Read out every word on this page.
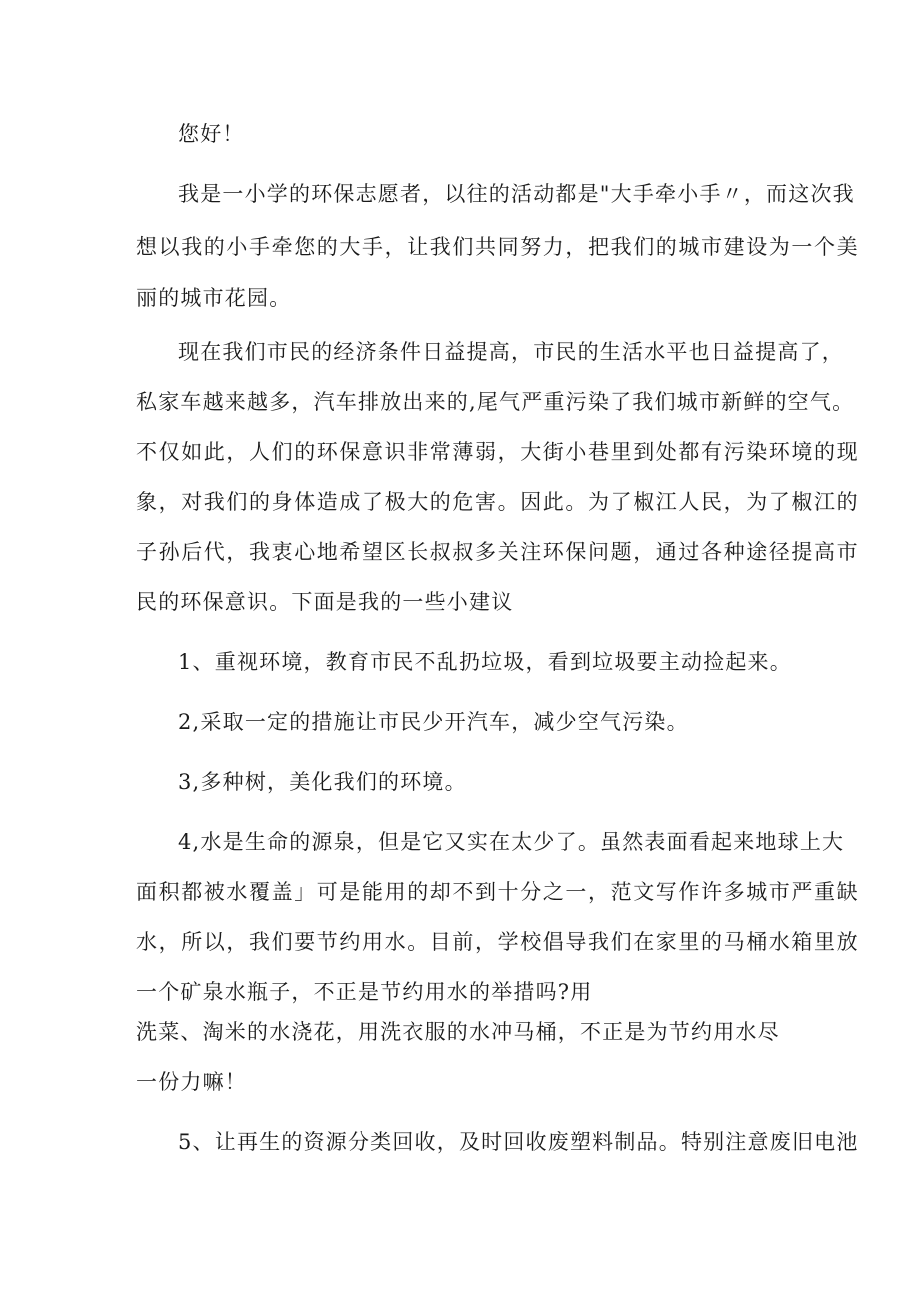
您好！
我是一小学的环保志愿者，以往的活动都是"大手牵小手〃，而这次我
想以我的小手牵您的大手，让我们共同努力，把我们的城市建设为一个美
丽的城市花园。
现在我们市民的经济条件日益提高，市民的生活水平也日益提高了，
私家车越来越多，汽车排放出来的,尾气严重污染了我们城市新鲜的空气。
不仅如此，人们的环保意识非常薄弱，大街小巷里到处都有污染环境的现
象，对我们的身体造成了极大的危害。因此。为了椒江人民，为了椒江的
子孙后代，我衷心地希望区长叔叔多关注环保问题，通过各种途径提高市
民的环保意识。下面是我的一些小建议
1、重视环境，教育市民不乱扔垃圾，看到垃圾要主动捡起来。
2,采取一定的措施让市民少开汽车，减少空气污染。
3,多种树，美化我们的环境。
4,水是生命的源泉，但是它又实在太少了。虽然表面看起来地球上大
面积都被水覆盖」可是能用的却不到十分之一，范文写作许多城市严重缺
水，所以，我们要节约用水。目前，学校倡导我们在家里的马桶水箱里放
一个矿泉水瓶子，不正是节约用水的举措吗?用
洗菜、淘米的水浇花，用洗衣服的水冲马桶，不正是为节约用水尽
一份力嘛！
5、让再生的资源分类回收，及时回收废塑料制品。特别注意废旧电池
